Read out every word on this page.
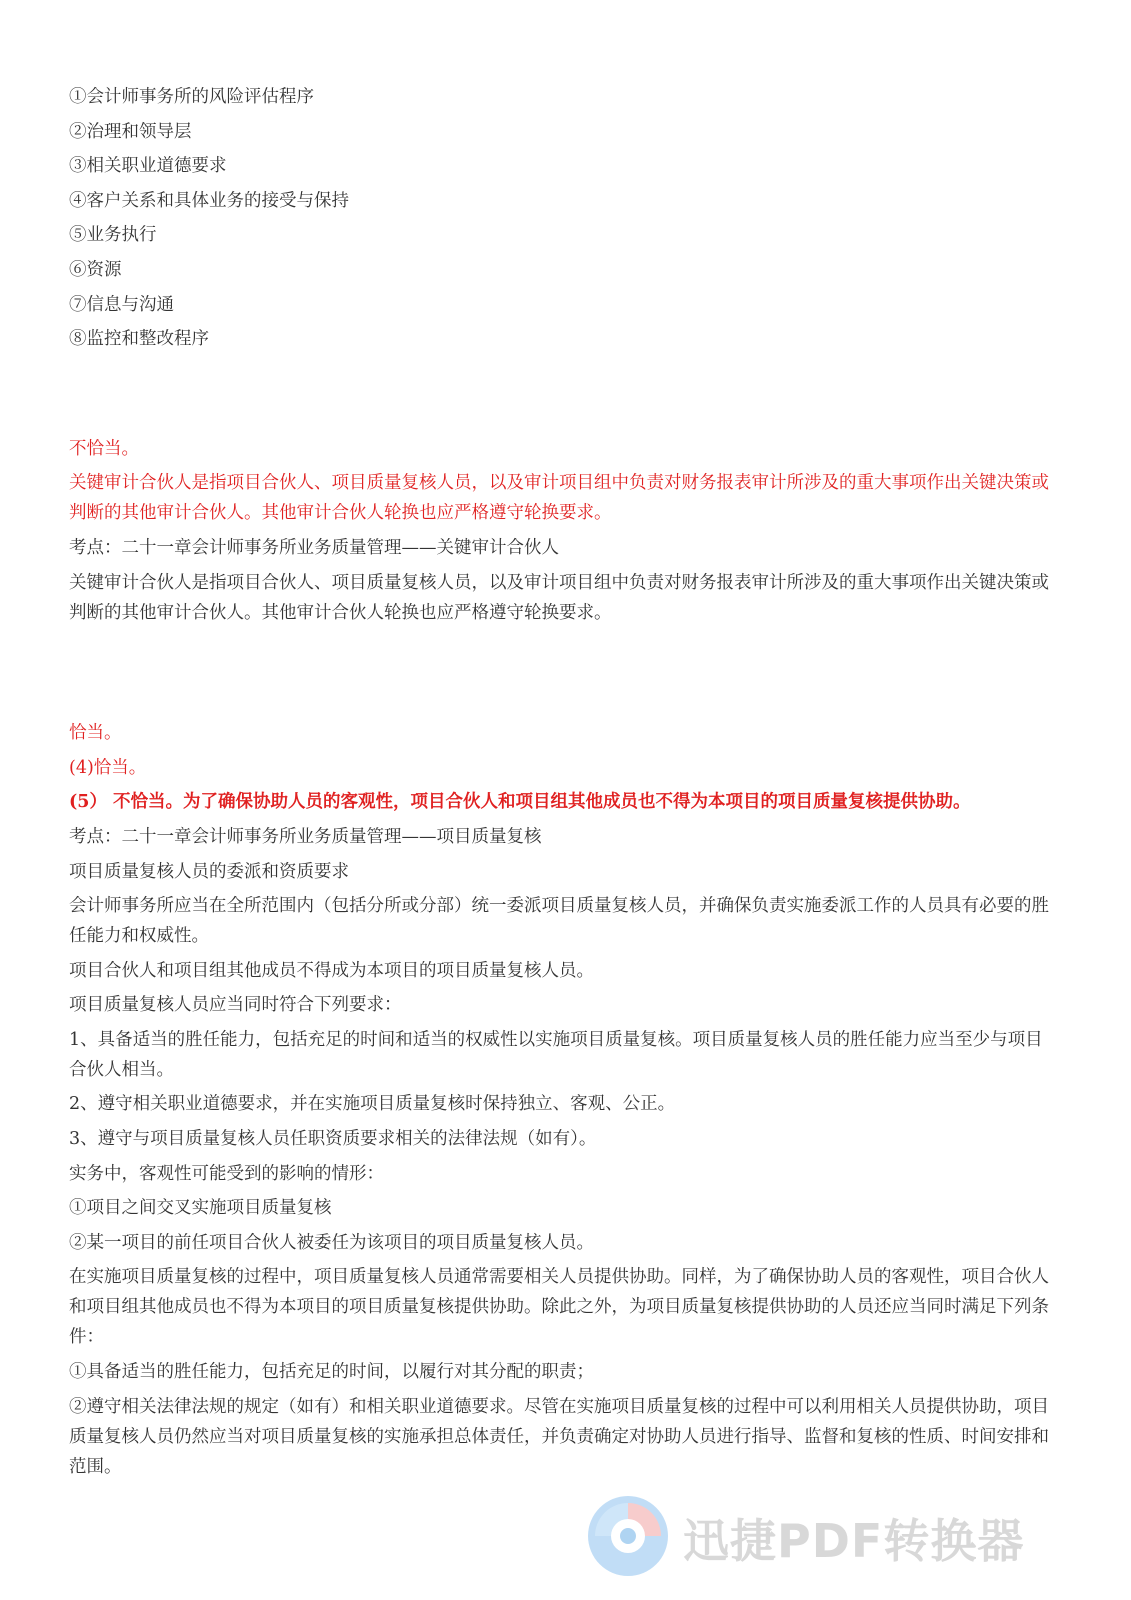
①会计师事务所的风险评估程序
②治理和领导层
③相关职业道德要求
④客户关系和具体业务的接受与保持
⑤业务执行
⑥资源
⑦信息与沟通
⑧监控和整改程序
不恰当。
关键审计合伙人是指项目合伙人、项目质量复核人员，以及审计项目组中负责对财务报表审计所涉及的重大事项作出关键决策或判断的其他审计合伙人。其他审计合伙人轮换也应严格遵守轮换要求。
考点：二十一章会计师事务所业务质量管理——关键审计合伙人
关键审计合伙人是指项目合伙人、项目质量复核人员，以及审计项目组中负责对财务报表审计所涉及的重大事项作出关键决策或判断的其他审计合伙人。其他审计合伙人轮换也应严格遵守轮换要求。
恰当。
(4)恰当。
(5） 不恰当。为了确保协助人员的客观性，项目合伙人和项目组其他成员也不得为本项目的项目质量复核提供协助。
考点：二十一章会计师事务所业务质量管理——项目质量复核
项目质量复核人员的委派和资质要求
会计师事务所应当在全所范围内（包括分所或分部）统一委派项目质量复核人员，并确保负责实施委派工作的人员具有必要的胜任能力和权威性。
项目合伙人和项目组其他成员不得成为本项目的项目质量复核人员。
项目质量复核人员应当同时符合下列要求：
1、具备适当的胜任能力，包括充足的时间和适当的权威性以实施项目质量复核。项目质量复核人员的胜任能力应当至少与项目合伙人相当。
2、遵守相关职业道德要求，并在实施项目质量复核时保持独立、客观、公正。
3、遵守与项目质量复核人员任职资质要求相关的法律法规（如有）。
实务中，客观性可能受到的影响的情形：
①项目之间交叉实施项目质量复核
②某一项目的前任项目合伙人被委任为该项目的项目质量复核人员。
在实施项目质量复核的过程中，项目质量复核人员通常需要相关人员提供协助。同样，为了确保协助人员的客观性，项目合伙人和项目组其他成员也不得为本项目的项目质量复核提供协助。除此之外，为项目质量复核提供协助的人员还应当同时满足下列条件：
①具备适当的胜任能力，包括充足的时间，以履行对其分配的职责；
②遵守相关法律法规的规定（如有）和相关职业道德要求。尽管在实施项目质量复核的过程中可以利用相关人员提供协助，项目质量复核人员仍然应当对项目质量复核的实施承担总体责任，并负责确定对协助人员进行指导、监督和复核的性质、时间安排和范围。
迅捷PDF转换器
